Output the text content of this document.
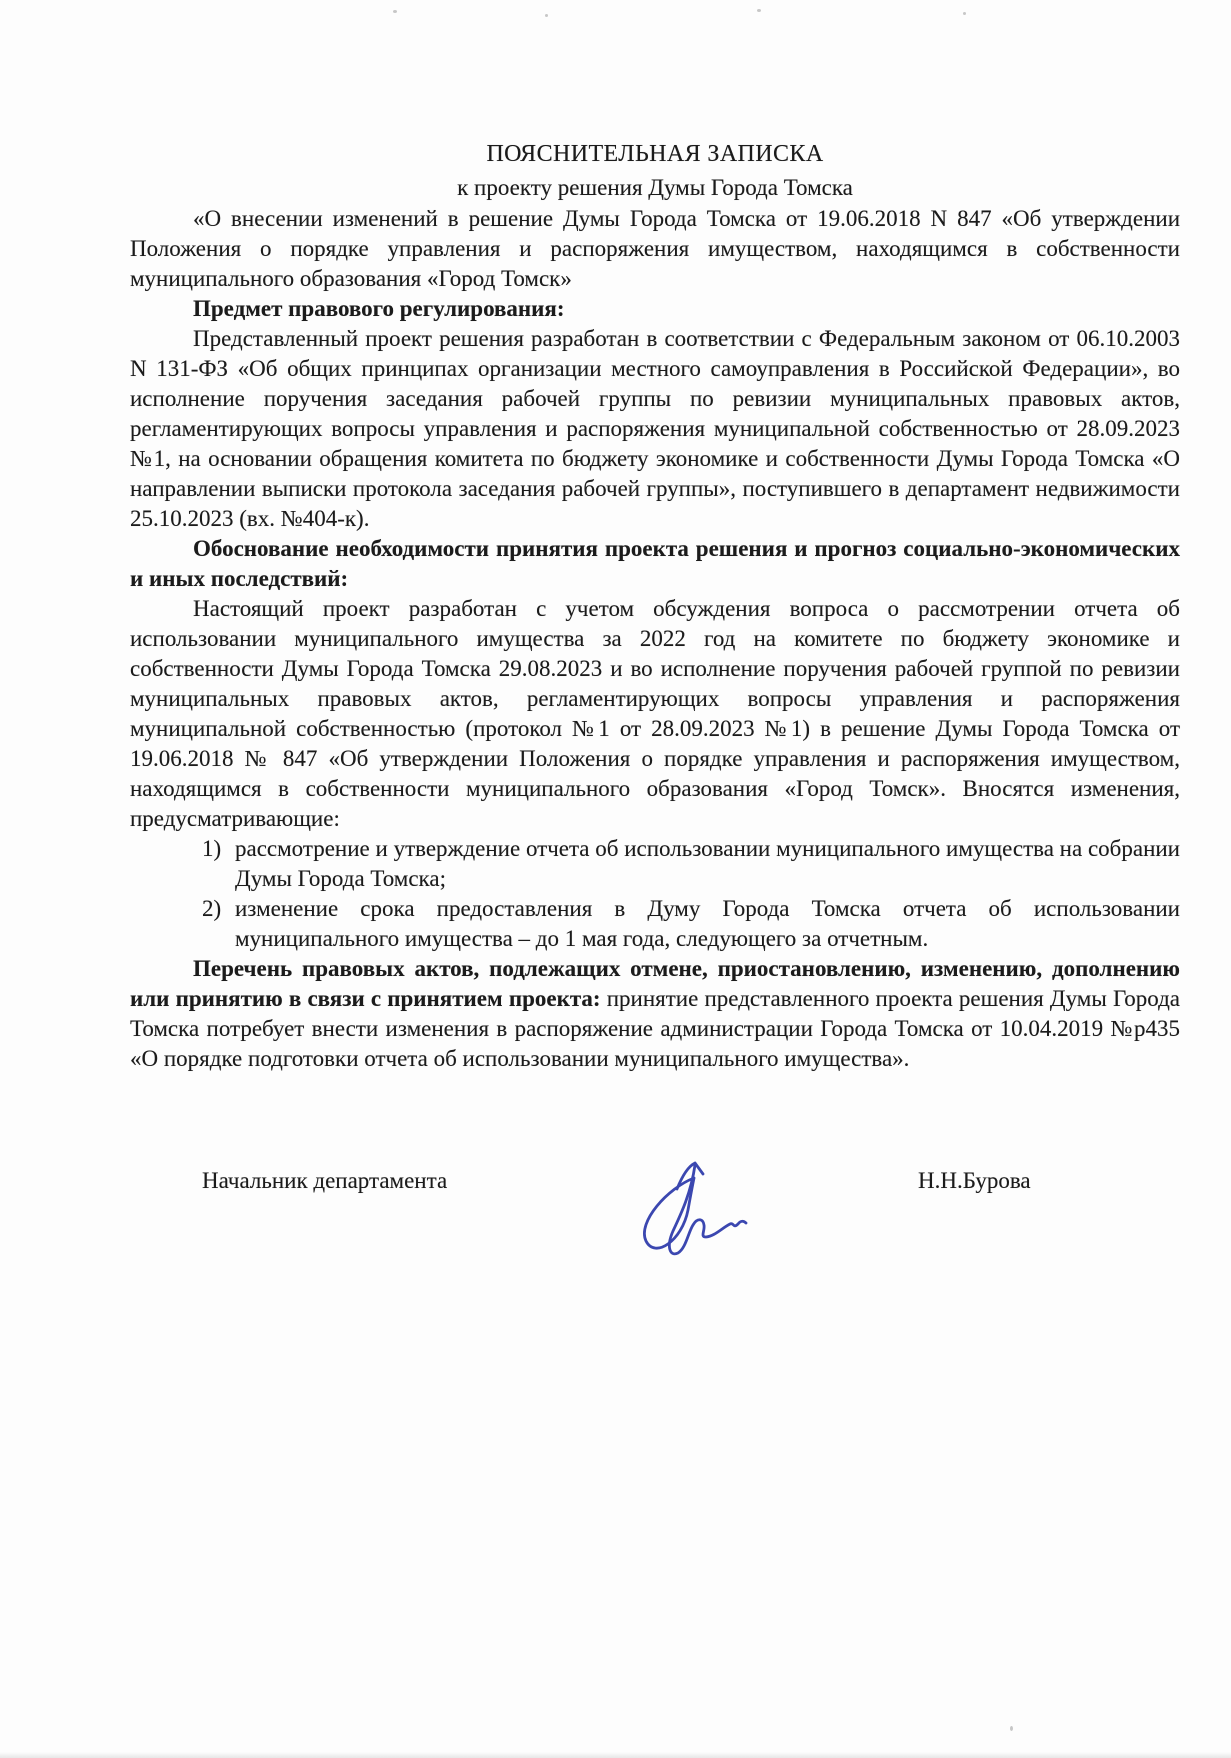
ПОЯСНИТЕЛЬНАЯ ЗАПИСКА
к проекту решения Думы Города Томска

«О внесении изменений в решение Думы Города Томска от 19.06.2018 N 847 «Об утверждении Положения о порядке управления и распоряжения имуществом, находящимся в собственности муниципального образования «Город Томск»

Предмет правового регулирования:

Представленный проект решения разработан в соответствии с Федеральным законом от 06.10.2003 N 131-ФЗ «Об общих принципах организации местного самоуправления в Российской Федерации», во исполнение поручения заседания рабочей группы по ревизии муниципальных правовых актов, регламентирующих вопросы управления и распоряжения муниципальной собственностью от 28.09.2023 №1, на основании обращения комитета по бюджету экономике и собственности Думы Города Томска «О направлении выписки протокола заседания рабочей группы», поступившего в департамент недвижимости 25.10.2023 (вх. №404-к).

Обоснование необходимости принятия проекта решения и прогноз социально-экономических и иных последствий:

Настоящий проект разработан с учетом обсуждения вопроса о рассмотрении отчета об использовании муниципального имущества за 2022 год на комитете по бюджету экономике и собственности Думы Города Томска 29.08.2023 и во исполнение поручения рабочей группой по ревизии муниципальных правовых актов, регламентирующих вопросы управления и распоряжения муниципальной собственностью (протокол №1 от 28.09.2023 №1) в решение Думы Города Томска от 19.06.2018 № 847 «Об утверждении Положения о порядке управления и распоряжения имуществом, находящимся в собственности муниципального образования «Город Томск». Вносятся изменения, предусматривающие:

1) рассмотрение и утверждение отчета об использовании муниципального имущества на собрании Думы Города Томска;

2) изменение срока предоставления в Думу Города Томска отчета об использовании муниципального имущества – до 1 мая года, следующего за отчетным.

Перечень правовых актов, подлежащих отмене, приостановлению, изменению, дополнению или принятию в связи с принятием проекта: принятие представленного проекта решения Думы Города Томска потребует внести изменения в распоряжение администрации Города Томска от 10.04.2019 №р435 «О порядке подготовки отчета об использовании муниципального имущества».

Начальник департамента	Н.Н.Бурова
